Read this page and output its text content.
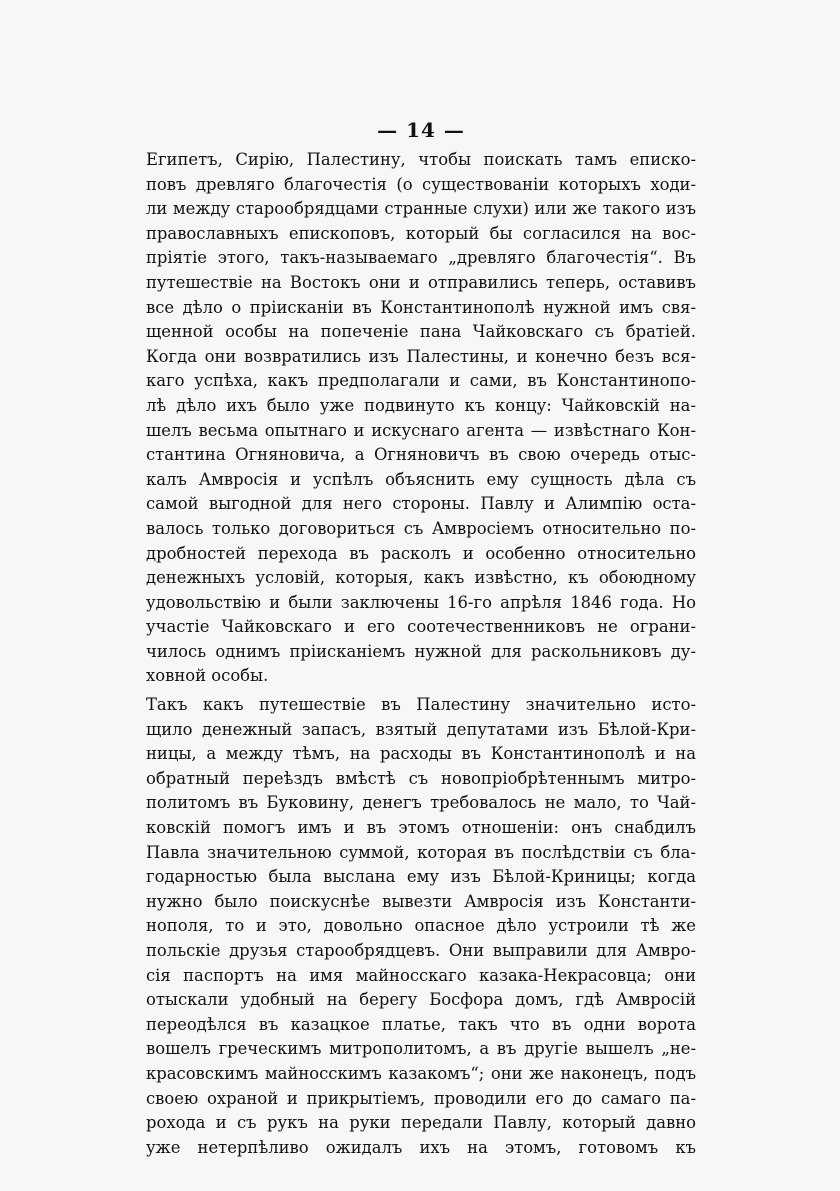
— 14 —
Египетъ, Сирію, Палестину, чтобы поискать тамъ еписко-
повъ древляго благочестія (о существованіи которыхъ ходи-
ли между старообрядцами странные слухи) или же такого изъ
православныхъ епископовъ, который бы согласился на вос-
пріятіе этого, такъ-называемаго „древляго благочестія“. Въ
путешествіе на Востокъ они и отправились теперь, оставивъ
все дѣло о пріисканіи въ Константинополѣ нужной имъ свя-
щенной особы на попеченіе пана Чайковскаго съ братіей.
Когда они возвратились изъ Палестины, и конечно безъ вся-
каго успѣха, какъ предполагали и сами, въ Константинопо-
лѣ дѣло ихъ было уже подвинуто къ концу: Чайковскій на-
шелъ весьма опытнаго и искуснаго агента — извѣстнаго Кон-
стантина Огняновича, а Огняновичъ въ свою очередь отыс-
калъ Амвросія и успѣлъ объяснить ему сущность дѣла съ
самой выгодной для него стороны. Павлу и Алимпію оста-
валось только договориться съ Амвросіемъ относительно по-
дробностей перехода въ расколъ и особенно относительно
денежныхъ условій, которыя, какъ извѣстно, къ обоюдному
удовольствію и были заключены 16-го апрѣля 1846 года. Но
участіе Чайковскаго и его соотечественниковъ не ограни-
чилось однимъ пріисканіемъ нужной для раскольниковъ ду-
ховной особы.
Такъ какъ путешествіе въ Палестину значительно исто-
щило денежный запасъ, взятый депутатами изъ Бѣлой-Кри-
ницы, а между тѣмъ, на расходы въ Константинополѣ и на
обратный переѣздъ вмѣстѣ съ новопріобрѣтеннымъ митро-
политомъ въ Буковину, денегъ требовалось не мало, то Чай-
ковскій помогъ имъ и въ этомъ отношеніи: онъ снабдилъ
Павла значительною суммой, которая въ послѣдствіи съ бла-
годарностью была выслана ему изъ Бѣлой-Криницы; когда
нужно было поискуснѣе вывезти Амвросія изъ Константи-
нополя, то и это, довольно опасное дѣло устроили тѣ же
польскіе друзья старообрядцевъ. Они выправили для Амвро-
сія паспортъ на имя майносскаго казака-Некрасовца; они
отыскали удобный на берегу Босфора домъ, гдѣ Амвросій
переодѣлся въ казацкое платье, такъ что въ одни ворота
вошелъ греческимъ митрополитомъ, а въ другіе вышелъ „не-
красовскимъ майносскимъ казакомъ“; они же наконецъ, подъ
своею охраной и прикрытіемъ, проводили его до самаго па-
рохода и съ рукъ на руки передали Павлу, который давно
уже нетерпѣливо ожидалъ ихъ на этомъ, готовомъ къ
